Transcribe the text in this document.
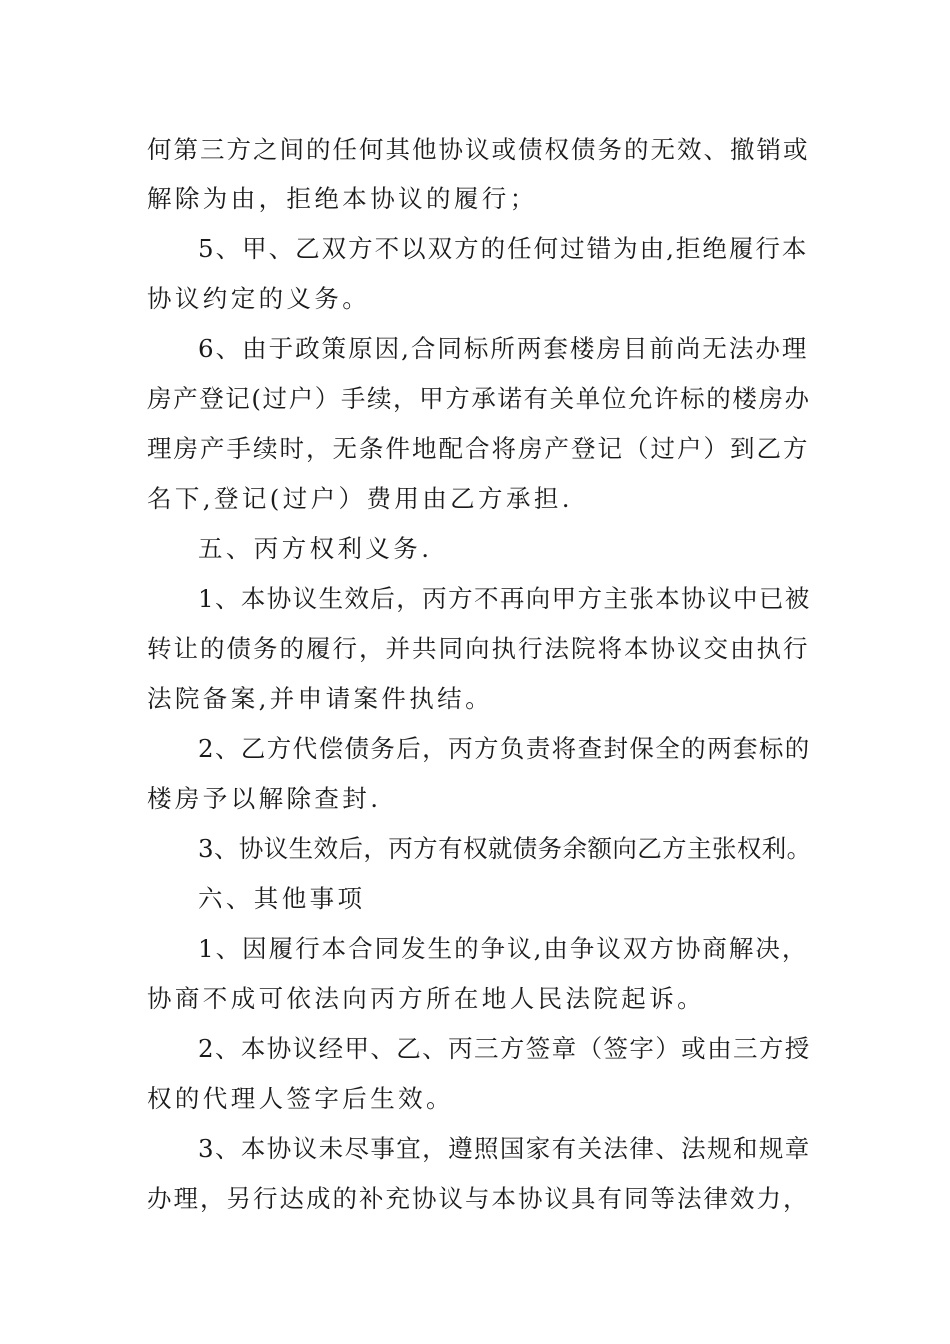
何第三方之间的任何其他协议或债权债务的无效、撤销或
解除为由，拒绝本协议的履行；
5、甲、乙双方不以双方的任何过错为由,拒绝履行本
协议约定的义务。
6、由于政策原因,合同标所两套楼房目前尚无法办理
房产登记(过户）手续，甲方承诺有关单位允许标的楼房办
理房产手续时，无条件地配合将房产登记（过户）到乙方
名下,登记(过户）费用由乙方承担.
五、丙方权利义务.
1、本协议生效后，丙方不再向甲方主张本协议中已被
转让的债务的履行，并共同向执行法院将本协议交由执行
法院备案,并申请案件执结。
2、乙方代偿债务后，丙方负责将查封保全的两套标的
楼房予以解除查封.
3、协议生效后，丙方有权就债务余额向乙方主张权利。
六、其他事项
1、因履行本合同发生的争议,由争议双方协商解决，
协商不成可依法向丙方所在地人民法院起诉。
2、本协议经甲、乙、丙三方签章（签字）或由三方授
权的代理人签字后生效。
3、本协议未尽事宜，遵照国家有关法律、法规和规章
办理，另行达成的补充协议与本协议具有同等法律效力，
